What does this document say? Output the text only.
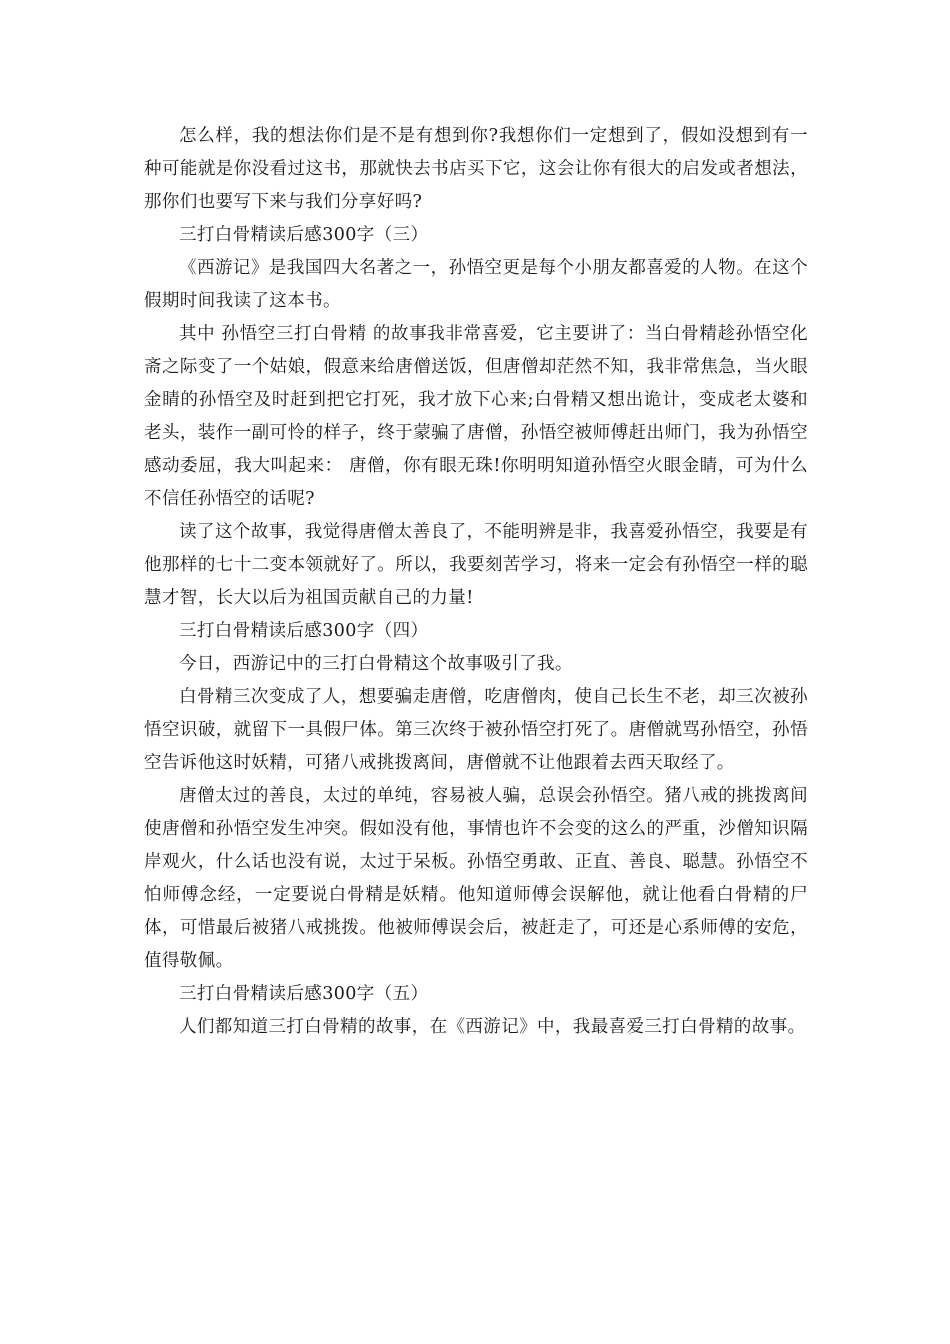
怎么样，我的想法你们是不是有想到你?我想你们一定想到了，假如没想到有一种可能就是你没看过这书，那就快去书店买下它，这会让你有很大的启发或者想法，那你们也要写下来与我们分享好吗?

三打白骨精读后感300字（三）

《西游记》是我国四大名著之一，孙悟空更是每个小朋友都喜爱的人物。在这个假期时间我读了这本书。

其中 孙悟空三打白骨精 的故事我非常喜爱，它主要讲了：当白骨精趁孙悟空化斋之际变了一个姑娘，假意来给唐僧送饭，但唐僧却茫然不知，我非常焦急，当火眼金睛的孙悟空及时赶到把它打死，我才放下心来;白骨精又想出诡计，变成老太婆和老头，装作一副可怜的样子，终于蒙骗了唐僧，孙悟空被师傅赶出师门，我为孙悟空感动委屈，我大叫起来： 唐僧，你有眼无珠!你明明知道孙悟空火眼金睛，可为什么不信任孙悟空的话呢?

读了这个故事，我觉得唐僧太善良了，不能明辨是非，我喜爱孙悟空，我要是有他那样的七十二变本领就好了。所以，我要刻苦学习，将来一定会有孙悟空一样的聪慧才智，长大以后为祖国贡献自己的力量!

三打白骨精读后感300字（四）

今日，西游记中的三打白骨精这个故事吸引了我。

白骨精三次变成了人，想要骗走唐僧，吃唐僧肉，使自己长生不老，却三次被孙悟空识破，就留下一具假尸体。第三次终于被孙悟空打死了。唐僧就骂孙悟空，孙悟空告诉他这时妖精，可猪八戒挑拨离间，唐僧就不让他跟着去西天取经了。

唐僧太过的善良，太过的单纯，容易被人骗，总误会孙悟空。猪八戒的挑拨离间使唐僧和孙悟空发生冲突。假如没有他，事情也许不会变的这么的严重，沙僧知识隔岸观火，什么话也没有说，太过于呆板。孙悟空勇敢、正直、善良、聪慧。孙悟空不怕师傅念经，一定要说白骨精是妖精。他知道师傅会误解他，就让他看白骨精的尸体，可惜最后被猪八戒挑拨。他被师傅误会后，被赶走了，可还是心系师傅的安危，值得敬佩。

三打白骨精读后感300字（五）

人们都知道三打白骨精的故事，在《西游记》中，我最喜爱三打白骨精的故事。
